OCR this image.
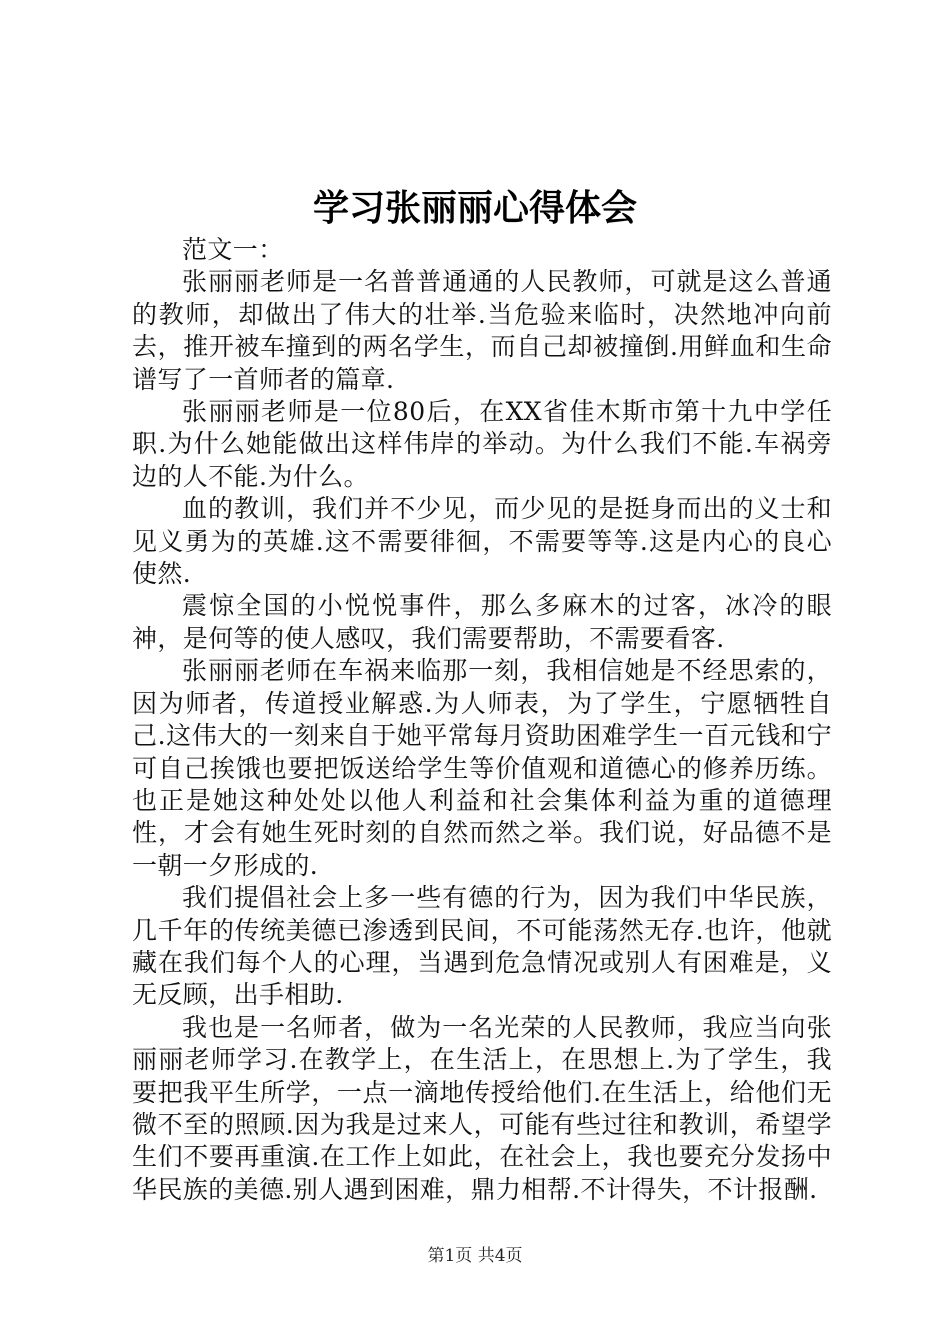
学习张丽丽心得体会

范文一：

张丽丽老师是一名普普通通的人民教师，可就是这么普通的教师，却做出了伟大的壮举.当危验来临时，决然地冲向前去，推开被车撞到的两名学生，而自己却被撞倒.用鲜血和生命谱写了一首师者的篇章.

张丽丽老师是一位80后，在XX省佳木斯市第十九中学任职.为什么她能做出这样伟岸的举动。为什么我们不能.车祸旁边的人不能.为什么。

血的教训，我们并不少见，而少见的是挺身而出的义士和见义勇为的英雄.这不需要徘徊，不需要等等.这是内心的良心使然.

震惊全国的小悦悦事件，那么多麻木的过客，冰冷的眼神，是何等的使人感叹，我们需要帮助，不需要看客.

张丽丽老师在车祸来临那一刻，我相信她是不经思索的，因为师者，传道授业解惑.为人师表，为了学生，宁愿牺牲自己.这伟大的一刻来自于她平常每月资助困难学生一百元钱和宁可自己挨饿也要把饭送给学生等价值观和道德心的修养历练。也正是她这种处处以他人利益和社会集体利益为重的道德理性，才会有她生死时刻的自然而然之举。我们说，好品德不是一朝一夕形成的.

我们提倡社会上多一些有德的行为，因为我们中华民族，几千年的传统美德已渗透到民间，不可能荡然无存.也许，他就藏在我们每个人的心理，当遇到危急情况或别人有困难是，义无反顾，出手相助.

我也是一名师者，做为一名光荣的人民教师，我应当向张丽丽老师学习.在教学上，在生活上，在思想上.为了学生，我要把我平生所学，一点一滴地传授给他们.在生活上，给他们无微不至的照顾.因为我是过来人，可能有些过往和教训，希望学生们不要再重演.在工作上如此，在社会上，我也要充分发扬中华民族的美德.别人遇到困难，鼎力相帮.不计得失，不计报酬.

第1页 共4页
